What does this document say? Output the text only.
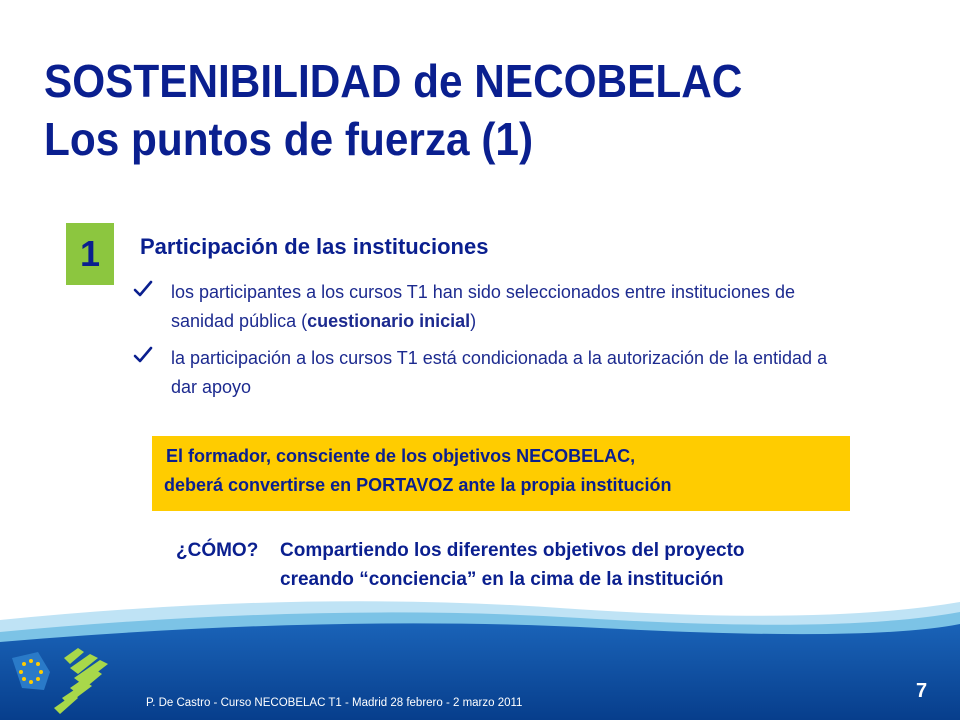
SOSTENIBILIDAD de NECOBELAC
Los puntos de fuerza (1)
1	Participación de las instituciones
los participantes a los cursos T1 han sido seleccionados entre instituciones de sanidad pública (cuestionario inicial)
la participación a los cursos T1 está condicionada a la autorización de la entidad a dar apoyo
El formador, consciente de los objetivos NECOBELAC,
deberá convertirse en PORTAVOZ ante la propia institución
¿CÓMO? Compartiendo los diferentes objetivos del proyecto
creando “conciencia” en la cima de la institución
P. De Castro - Curso NECOBELAC T1 - Madrid 28 febrero - 2 marzo 2011
7
